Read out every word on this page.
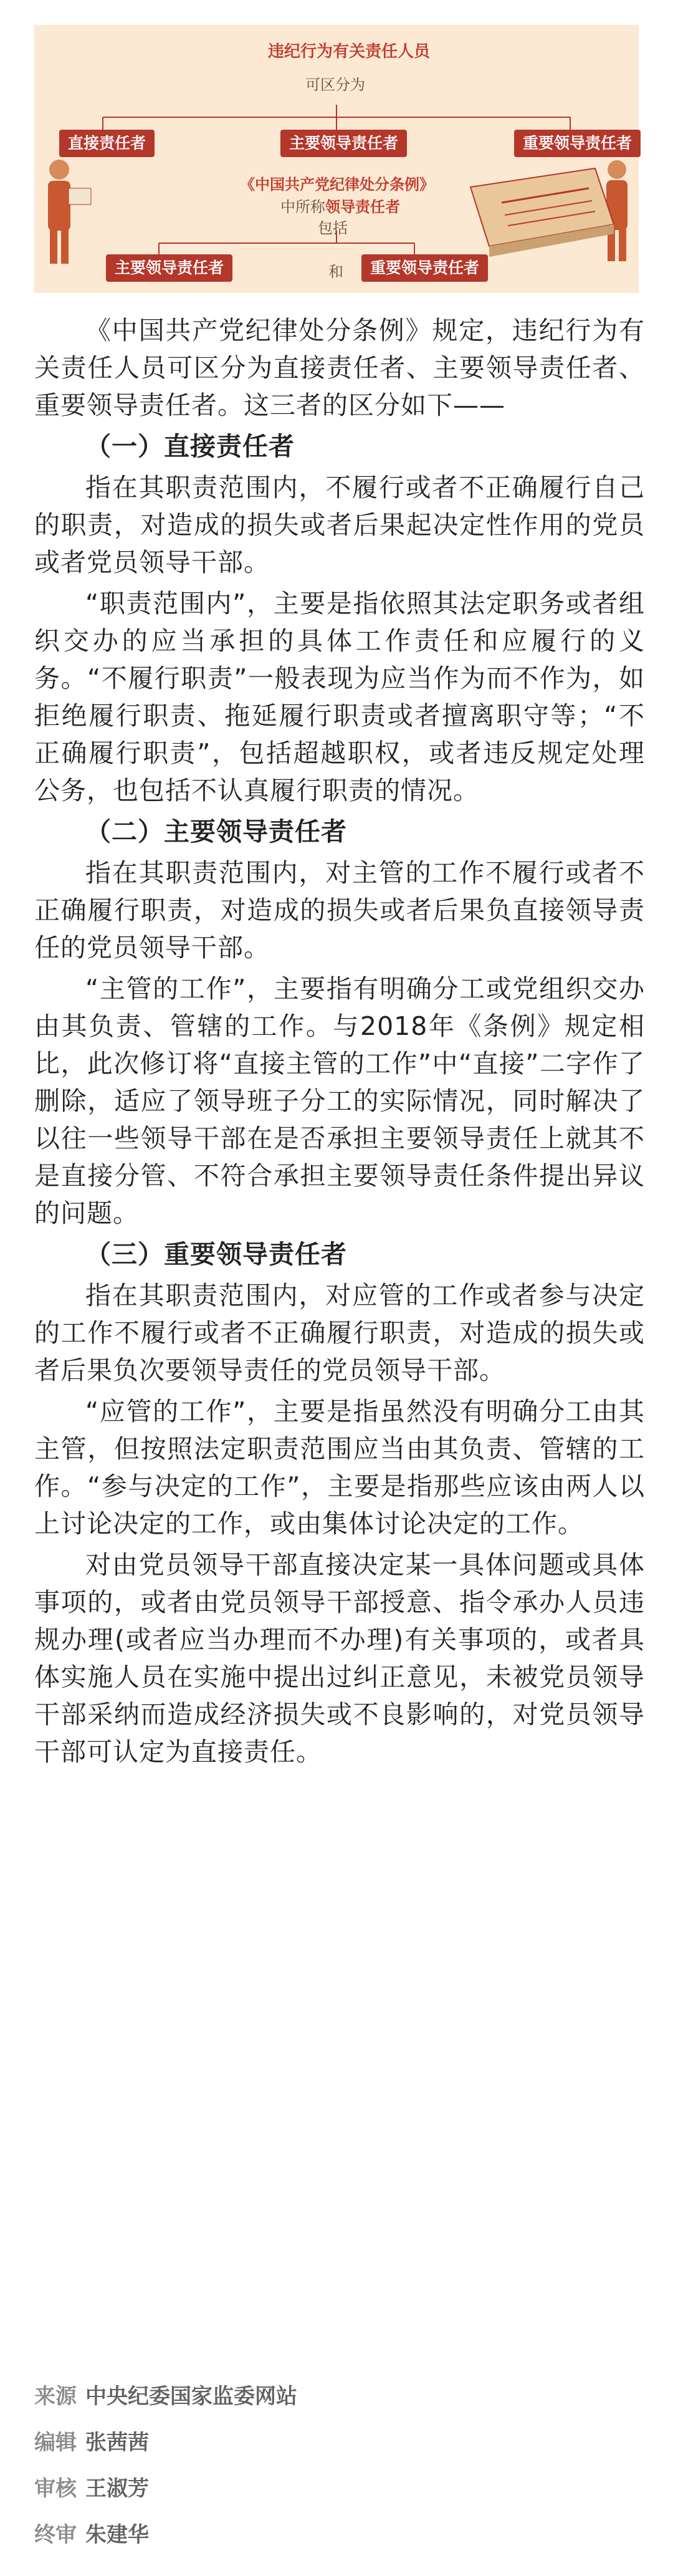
违纪行为有关责任人员
可区分为
直接责任者	主要领导责任者	重要领导责任者
《中国共产党纪律处分条例》
中所称领导责任者
包括
主要领导责任者	和	重要领导责任者

《中国共产党纪律处分条例》规定，违纪行为有关责任人员可区分为直接责任者、主要领导责任者、重要领导责任者。这三者的区分如下——

（一）直接责任者

指在其职责范围内，不履行或者不正确履行自己的职责，对造成的损失或者后果起决定性作用的党员或者党员领导干部。

“职责范围内”，主要是指依照其法定职务或者组织交办的应当承担的具体工作责任和应履行的义务。“不履行职责”一般表现为应当作为而不作为，如拒绝履行职责、拖延履行职责或者擅离职守等；“不正确履行职责”，包括超越职权，或者违反规定处理公务，也包括不认真履行职责的情况。

（二）主要领导责任者

指在其职责范围内，对主管的工作不履行或者不正确履行职责，对造成的损失或者后果负直接领导责任的党员领导干部。

“主管的工作”，主要指有明确分工或党组织交办由其负责、管辖的工作。与2018年《条例》规定相比，此次修订将“直接主管的工作”中“直接”二字作了删除，适应了领导班子分工的实际情况，同时解决了以往一些领导干部在是否承担主要领导责任上就其不是直接分管、不符合承担主要领导责任条件提出异议的问题。

（三）重要领导责任者

指在其职责范围内，对应管的工作或者参与决定的工作不履行或者不正确履行职责，对造成的损失或者后果负次要领导责任的党员领导干部。

“应管的工作”，主要是指虽然没有明确分工由其主管，但按照法定职责范围应当由其负责、管辖的工作。“参与决定的工作”，主要是指那些应该由两人以上讨论决定的工作，或由集体讨论决定的工作。

对由党员领导干部直接决定某一具体问题或具体事项的，或者由党员领导干部授意、指令承办人员违规办理(或者应当办理而不办理)有关事项的，或者具体实施人员在实施中提出过纠正意见，未被党员领导干部采纳而造成经济损失或不良影响的，对党员领导干部可认定为直接责任。

来源 中央纪委国家监委网站
编辑 张茜茜
审核 王淑芳
终审 朱建华
